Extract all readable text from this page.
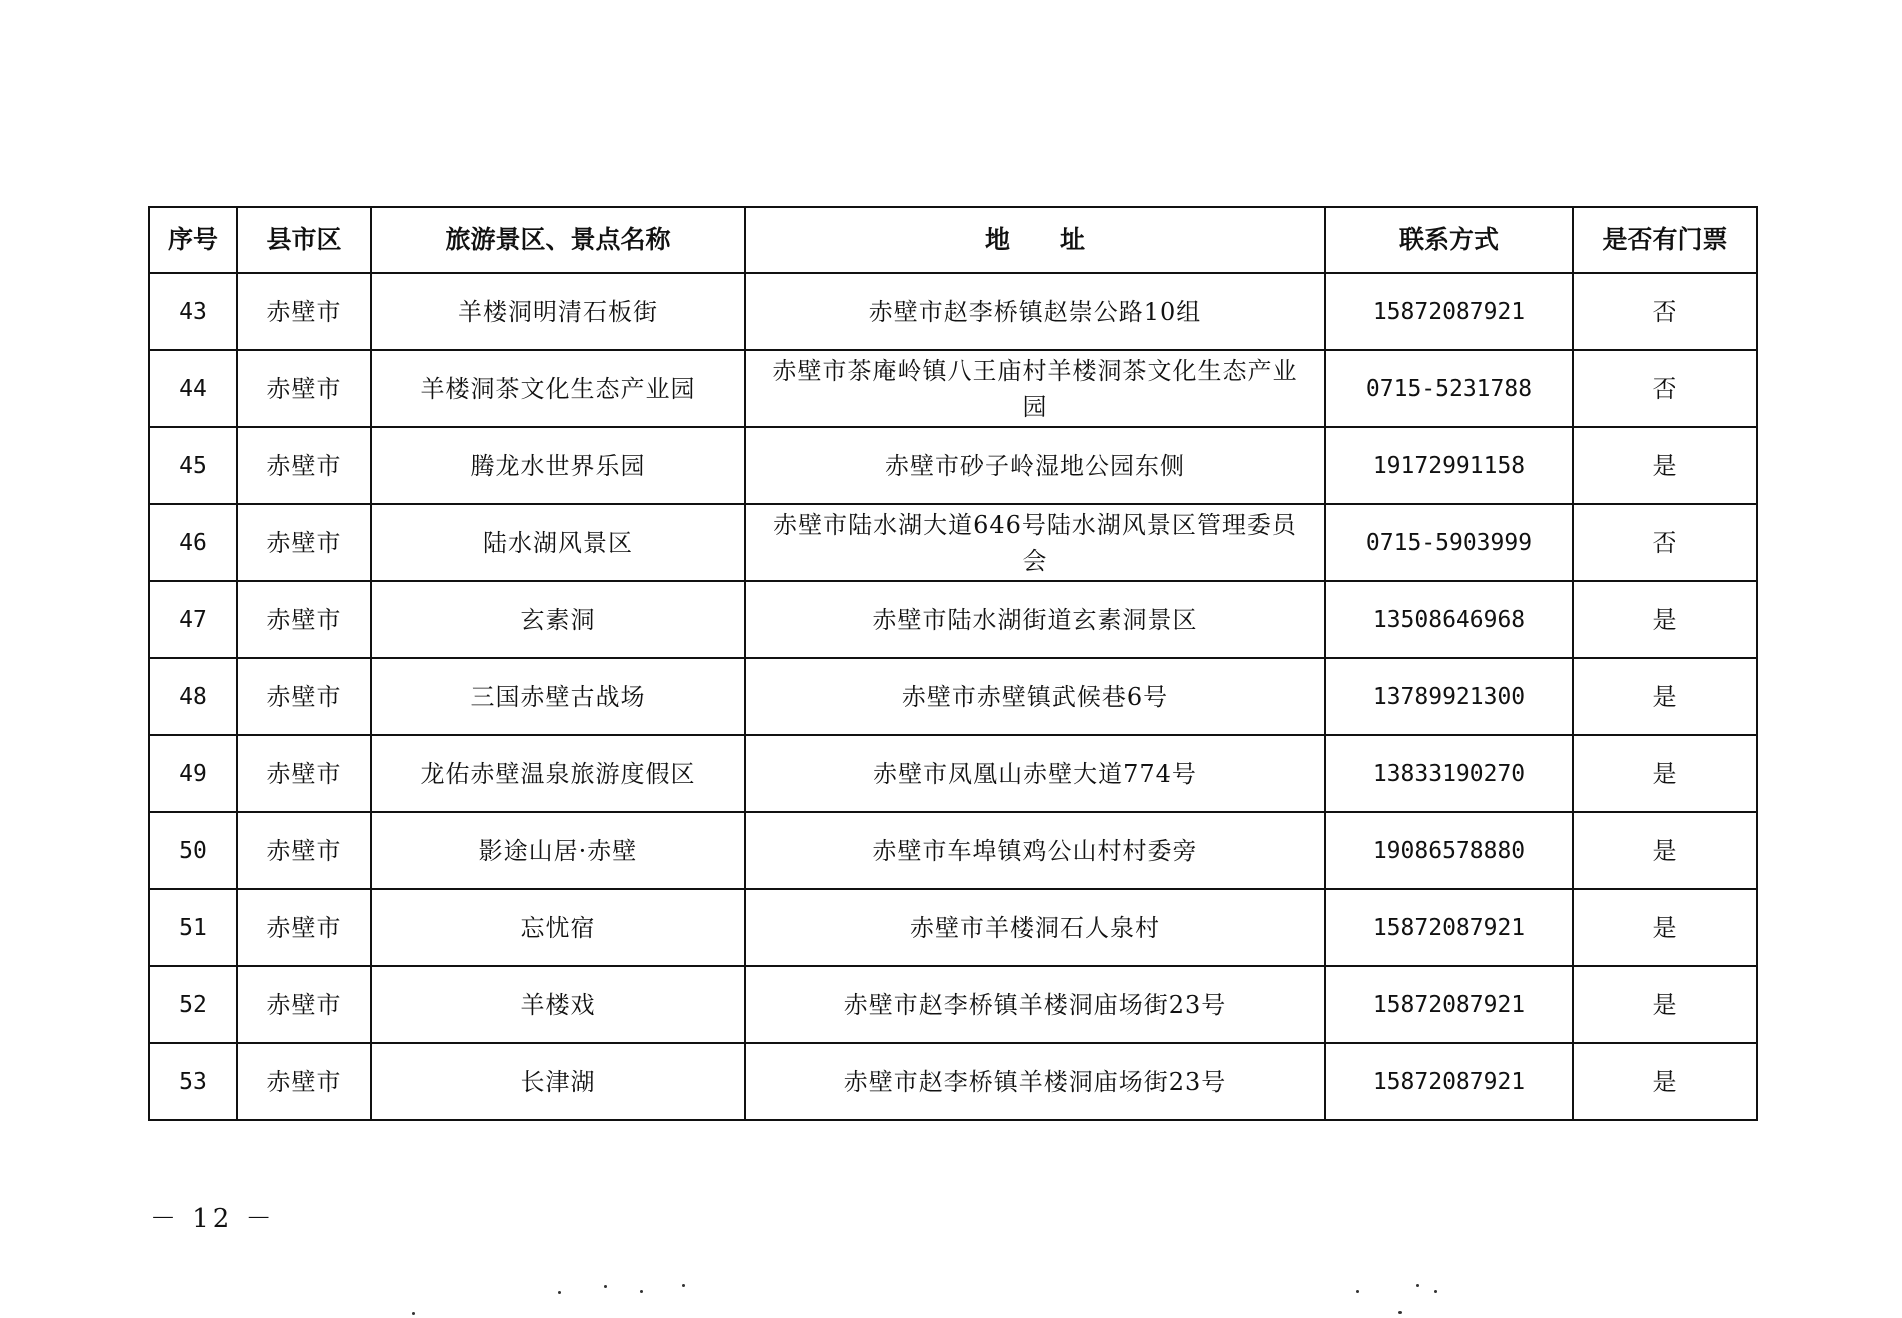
序号	县市区	旅游景区、景点名称	地　　址	联系方式	是否有门票
43	赤壁市	羊楼洞明清石板街	赤壁市赵李桥镇赵崇公路10组	15872087921	否
44	赤壁市	羊楼洞茶文化生态产业园	赤壁市茶庵岭镇八王庙村羊楼洞茶文化生态产业园	0715-5231788	否
45	赤壁市	腾龙水世界乐园	赤壁市砂子岭湿地公园东侧	19172991158	是
46	赤壁市	陆水湖风景区	赤壁市陆水湖大道646号陆水湖风景区管理委员会	0715-5903999	否
47	赤壁市	玄素洞	赤壁市陆水湖街道玄素洞景区	13508646968	是
48	赤壁市	三国赤壁古战场	赤壁市赤壁镇武候巷6号	13789921300	是
49	赤壁市	龙佑赤壁温泉旅游度假区	赤壁市凤凰山赤壁大道774号	13833190270	是
50	赤壁市	影途山居·赤壁	赤壁市车埠镇鸡公山村村委旁	19086578880	是
51	赤壁市	忘忧宿	赤壁市羊楼洞石人泉村	15872087921	是
52	赤壁市	羊楼戏	赤壁市赵李桥镇羊楼洞庙场街23号	15872087921	是
53	赤壁市	长津湖	赤壁市赵李桥镇羊楼洞庙场街23号	15872087921	是
－ 12 －
